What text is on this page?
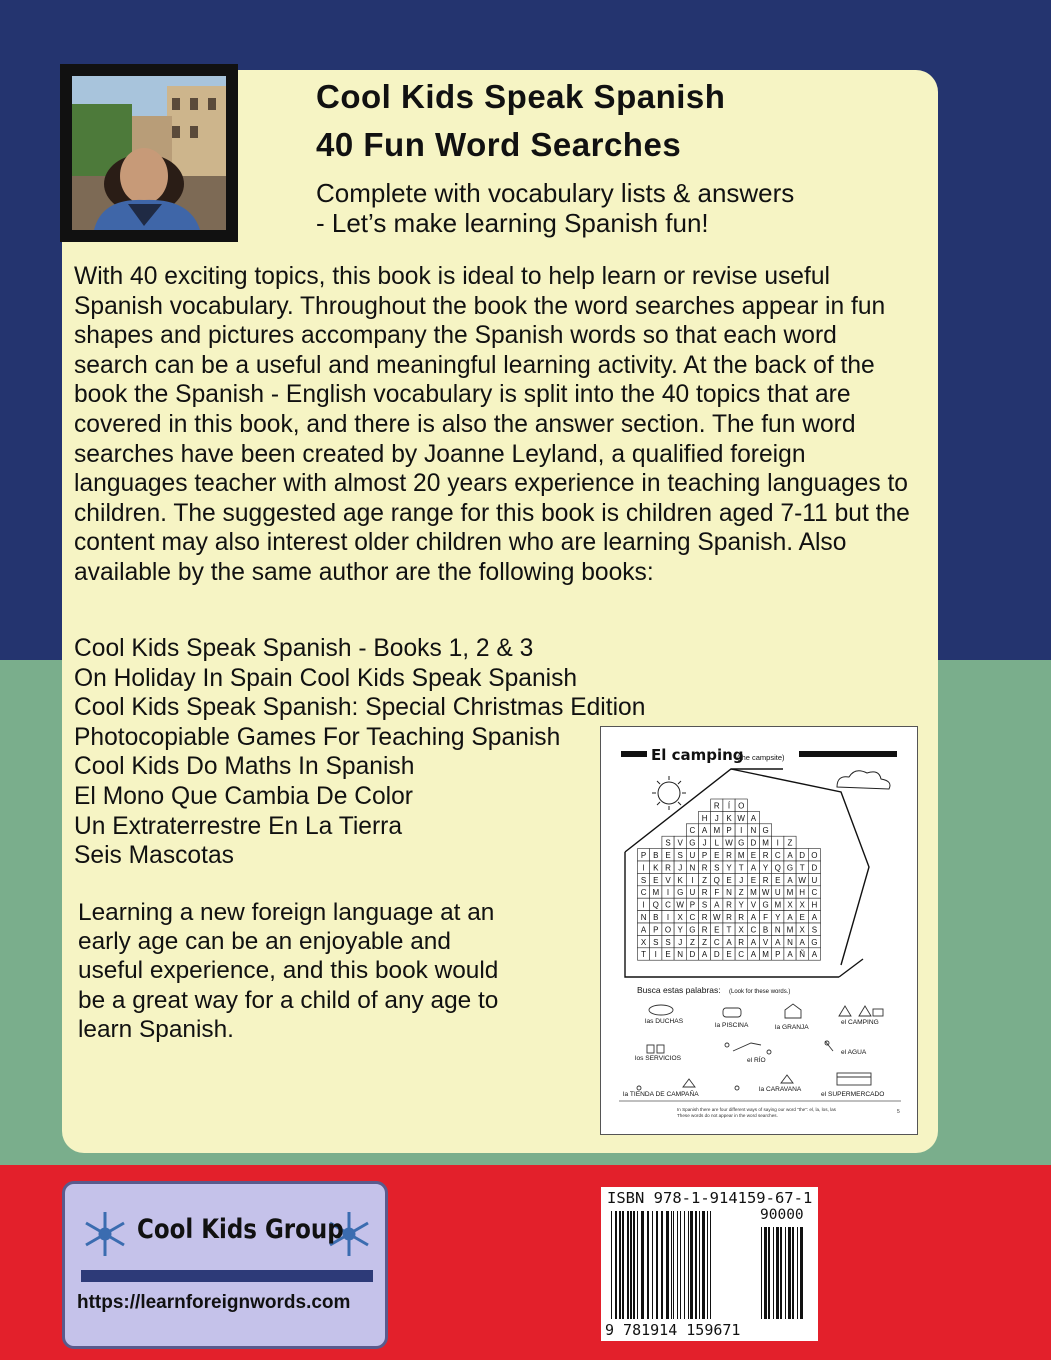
Cool Kids Speak Spanish
40 Fun Word Searches
Complete with vocabulary lists & answers
- Let’s make learning Spanish fun!
With 40 exciting topics, this book is ideal to help learn or revise useful Spanish vocabulary. Throughout the book the word searches appear in fun shapes and pictures accompany the Spanish words so that each word search can be a useful and meaningful learning activity. At the back of the book the Spanish - English vocabulary is split into the 40 topics that are covered in this book, and there is also the answer section. The fun word searches have been created by Joanne Leyland, a qualified foreign languages teacher with almost 20 years experience in teaching languages to children. The suggested age range for this book is children aged 7-11 but the content may also interest older children who are learning Spanish. Also available by the same author are the following books:
Cool Kids Speak Spanish - Books 1, 2 & 3
On Holiday In Spain Cool Kids Speak Spanish
Cool Kids Speak Spanish: Special Christmas Edition
Photocopiable Games For Teaching Spanish
Cool Kids Do Maths In Spanish
El Mono Que Cambia De Color
Un Extraterrestre En La Tierra
Seis Mascotas
Learning a new foreign language at an early age can be an enjoyable and useful experience, and this book would be a great way for a child of any age to learn Spanish.
El camping
(the campsite)
R Í O
H J K W A
C A M P I N G
S V G J L W G D M I Z
P B E S U P E R M E R C A D O
I K R J N R S Y T A Y Q G T D
S E V K I Z Q E J E R E A W U
C M I G U R F N Z M W U M H C
I Q C W P S A R Y V G M X X H
N B I X C R W R R A F Y A E A
A P O Y G R E T X C B N M X S
X S S J Z Z C A R A V A N A G
T I E N D A D E C A M P A Ñ A
Busca estas palabras: (Look for these words.)
las DUCHAS
la PISCINA	la GRANJA
el CAMPING
los SERVICIOS	el RÍO
el AGUA
la TIENDA DE CAMPAÑA
la CARAVANA
el SUPERMERCADO
In Spanish there are four different ways of saying our word "the": el, la, los, las
These words do not appear in the word searches.
5
Cool Kids Group
https://learnforeignwords.com
ISBN 978-1-914159-67-1
90000
9 781914 159671
